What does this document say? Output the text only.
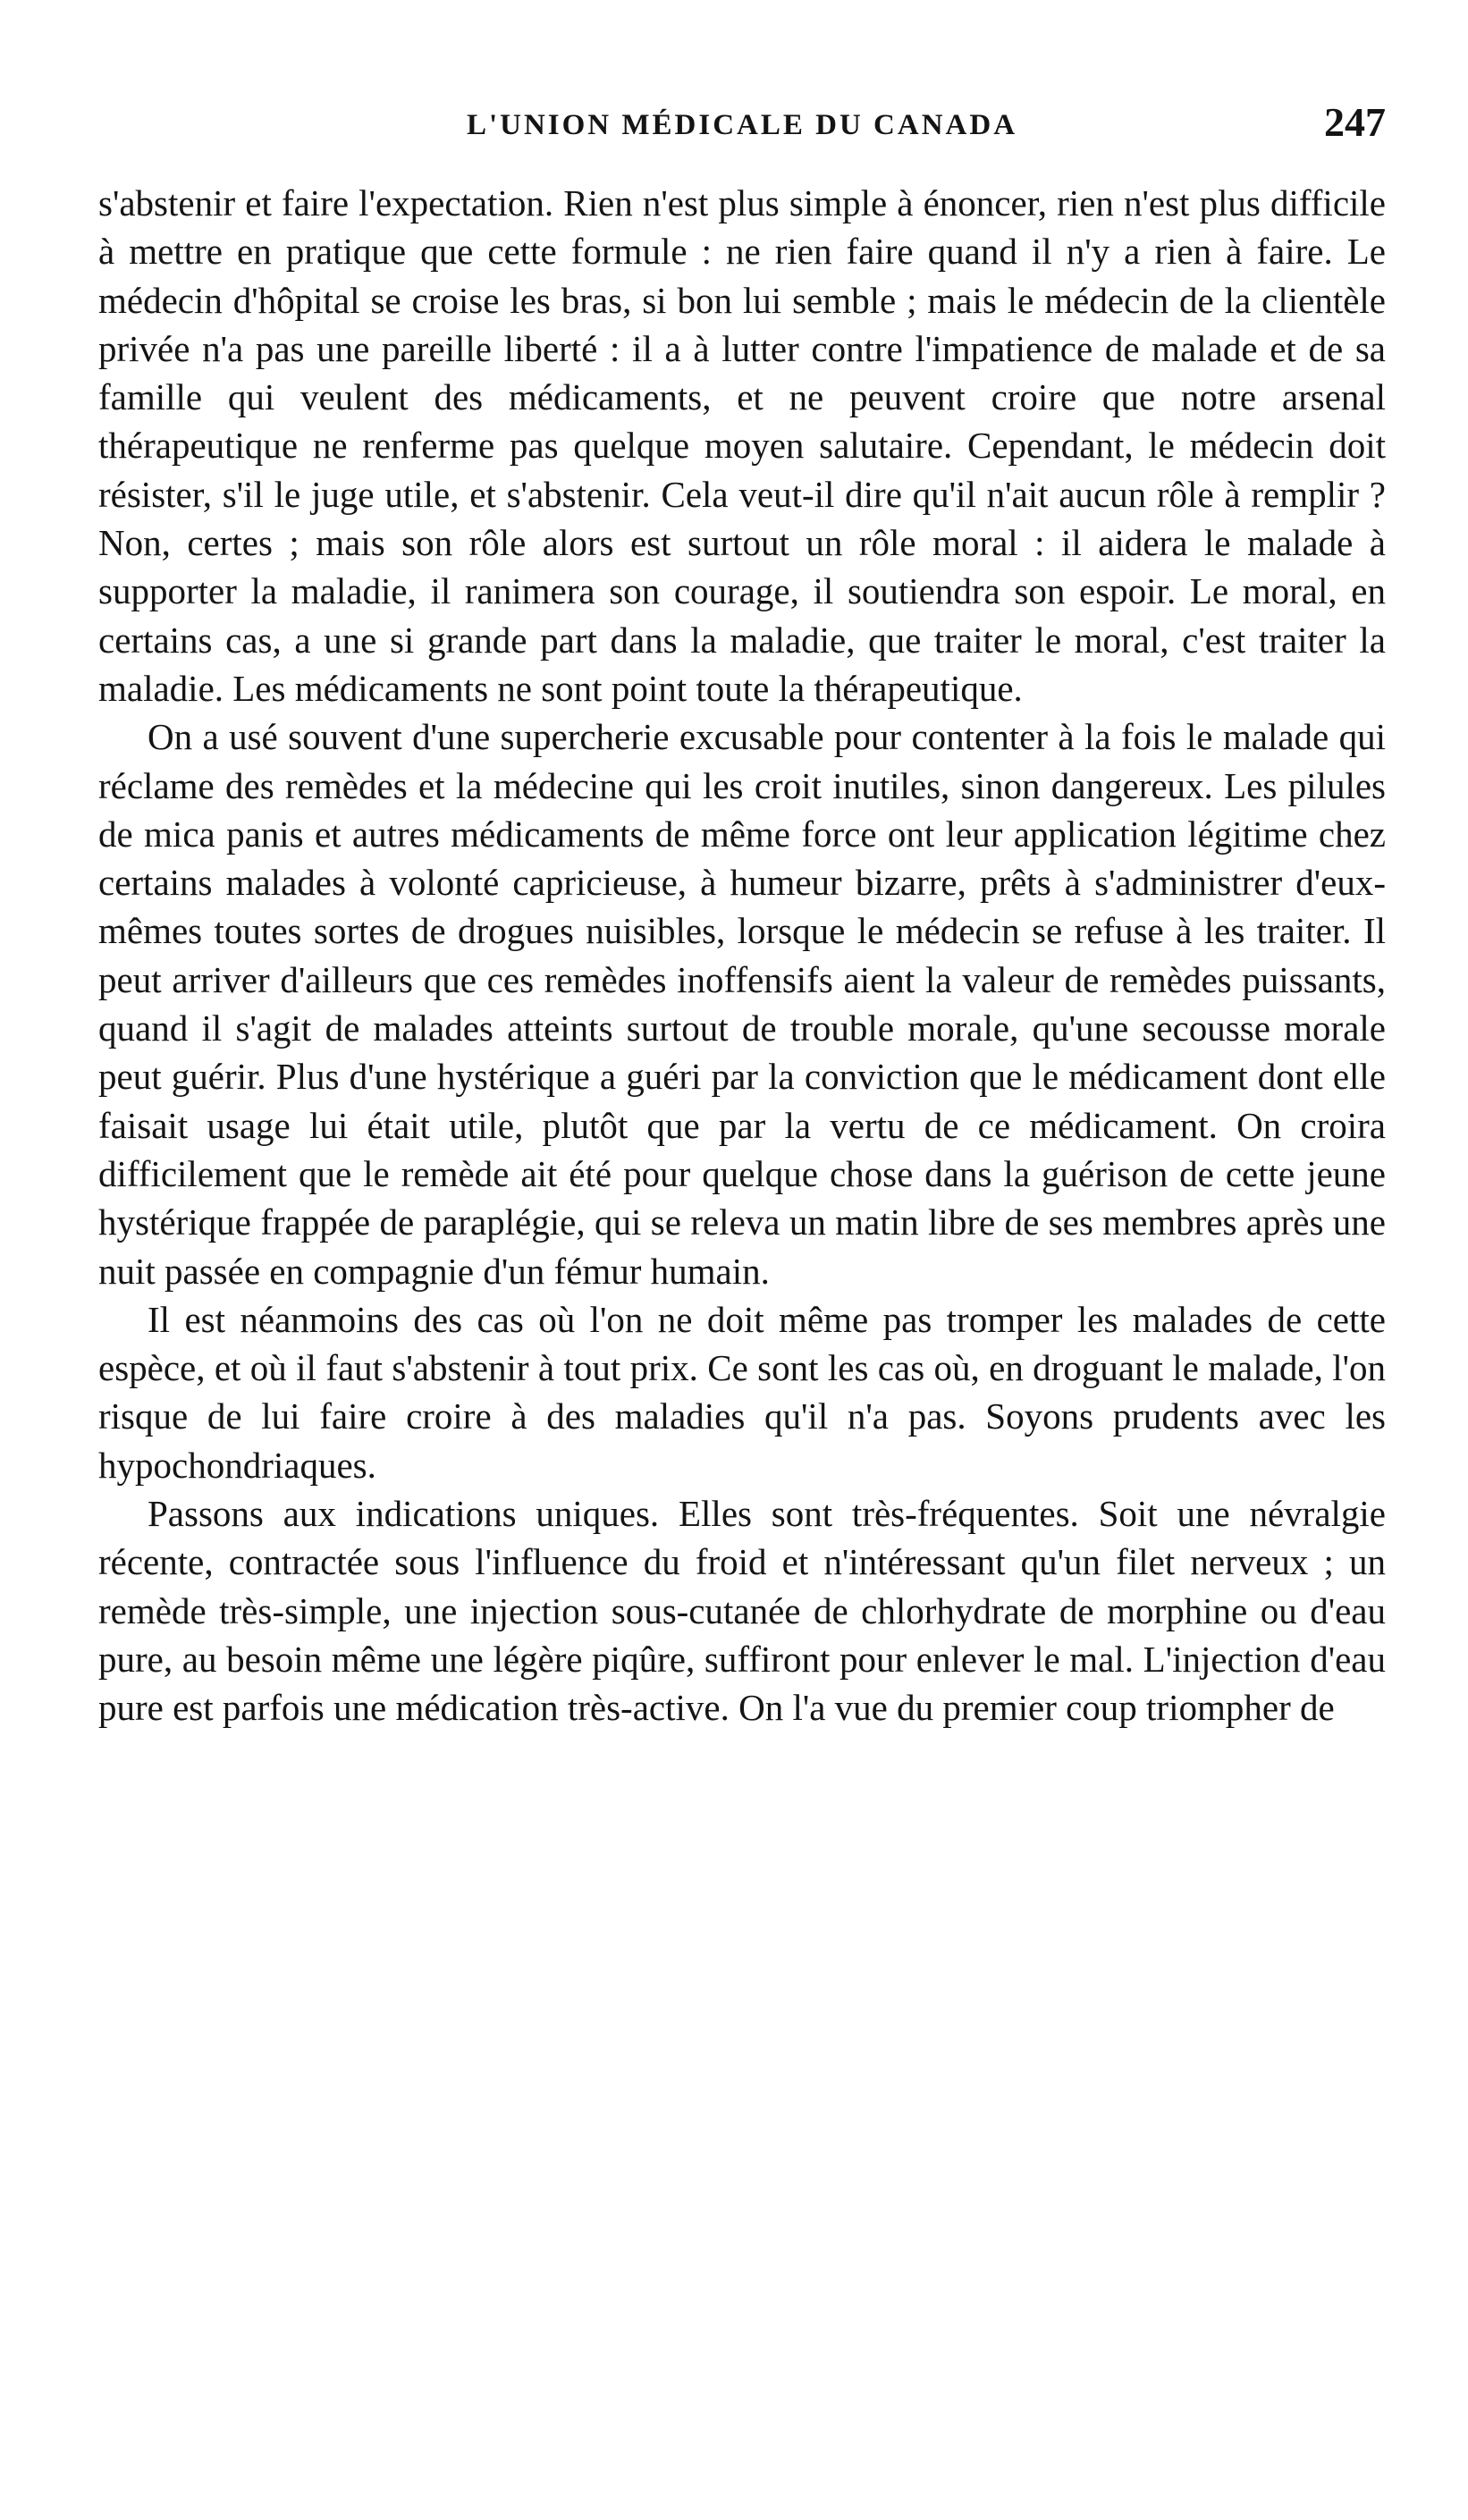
L'UNION MÉDICALE DU CANADA	247

s'abstenir et faire l'expectation. Rien n'est plus simple à énoncer, rien n'est plus difficile à mettre en pratique que cette formule : ne rien faire quand il n'y a rien à faire. Le médecin d'hôpital se croise les bras, si bon lui semble ; mais le médecin de la clientèle privée n'a pas une pareille liberté : il a à lutter contre l'impatience de malade et de sa famille qui veulent des médicaments, et ne peuvent croire que notre arsenal thérapeutique ne renferme pas quelque moyen salutaire. Cependant, le médecin doit résister, s'il le juge utile, et s'abstenir. Cela veut-il dire qu'il n'ait aucun rôle à remplir ? Non, certes ; mais son rôle alors est surtout un rôle moral : il aidera le malade à supporter la maladie, il ranimera son courage, il soutiendra son espoir. Le moral, en certains cas, a une si grande part dans la maladie, que traiter le moral, c'est traiter la maladie. Les médicaments ne sont point toute la thérapeutique.

On a usé souvent d'une supercherie excusable pour contenter à la fois le malade qui réclame des remèdes et la médecine qui les croit inutiles, sinon dangereux. Les pilules de mica panis et autres médicaments de même force ont leur application légitime chez certains malades à volonté capricieuse, à humeur bizarre, prêts à s'administrer d'eux-mêmes toutes sortes de drogues nuisibles, lorsque le médecin se refuse à les traiter. Il peut arriver d'ailleurs que ces remèdes inoffensifs aient la valeur de remèdes puissants, quand il s'agit de malades atteints surtout de trouble morale, qu'une secousse morale peut guérir. Plus d'une hystérique a guéri par la conviction que le médicament dont elle faisait usage lui était utile, plutôt que par la vertu de ce médicament. On croira difficilement que le remède ait été pour quelque chose dans la guérison de cette jeune hystérique frappée de paraplégie, qui se releva un matin libre de ses membres après une nuit passée en compagnie d'un fémur humain.

Il est néanmoins des cas où l'on ne doit même pas tromper les malades de cette espèce, et où il faut s'abstenir à tout prix. Ce sont les cas où, en droguant le malade, l'on risque de lui faire croire à des maladies qu'il n'a pas. Soyons prudents avec les hypochondriaques.

Passons aux indications uniques. Elles sont très-fréquentes. Soit une névralgie récente, contractée sous l'influence du froid et n'intéressant qu'un filet nerveux ; un remède très-simple, une injection sous-cutanée de chlorhydrate de morphine ou d'eau pure, au besoin même une légère piqûre, suffiront pour enlever le mal. L'injection d'eau pure est parfois une médication très-active. On l'a vue du premier coup triompher de
